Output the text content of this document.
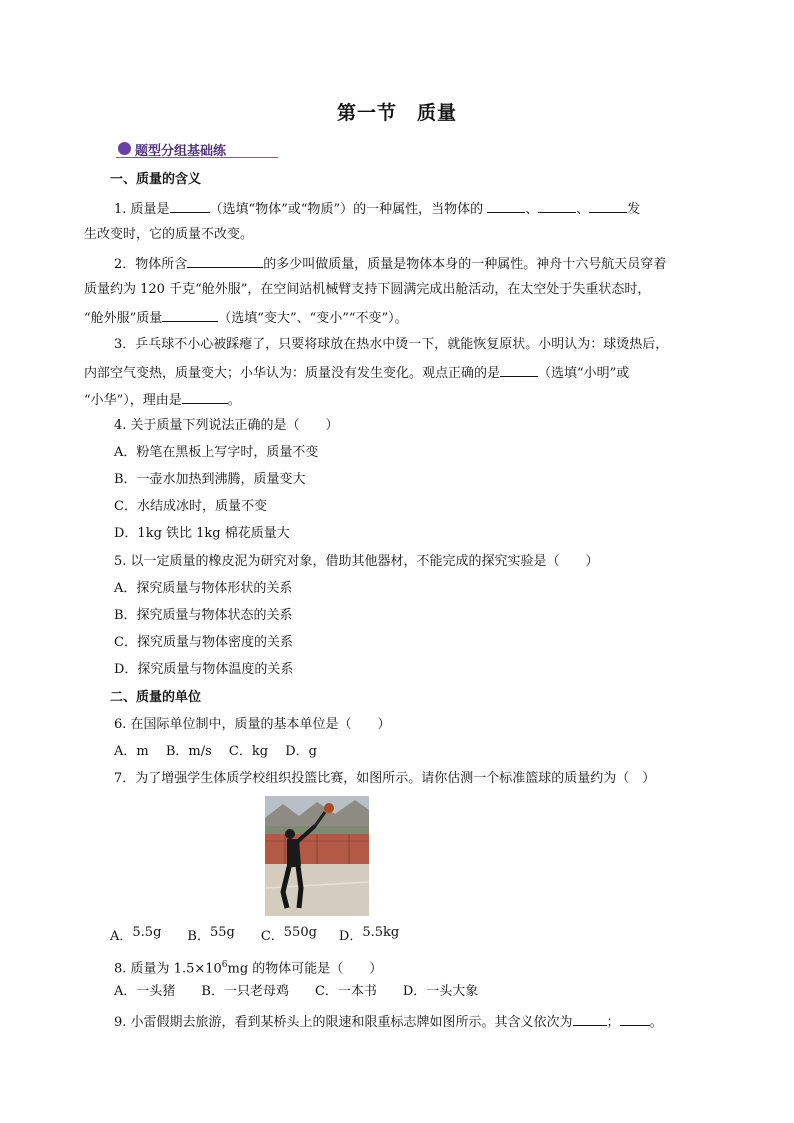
第一节　质量
题型分组基础练
一、质量的含义
1. 质量是	（选填“物体”或“物质”）的一种属性，当物体的	、	、	发
生改变时，它的质量不改变。
2．物体所含	的多少叫做质量，质量是物体本身的一种属性。神舟十六号航天员穿着
质量约为 120 千克“舱外服”，在空间站机械臂支持下圆满完成出舱活动，在太空处于失重状态时，
“舱外服”质量	（选填“变大”、“变小”“不变”）。
3．乒乓球不小心被踩瘪了，只要将球放在热水中烫一下，就能恢复原状。小明认为：球烫热后，
内部空气变热，质量变大；小华认为：质量没有发生变化。观点正确的是	（选填“小明”或
“小华”），理由是	。
4. 关于质量下列说法正确的是（　　）
A．粉笔在黑板上写字时，质量不变
B．一壶水加热到沸腾，质量变大
C．水结成冰时，质量不变
D．1kg 铁比 1kg 棉花质量大
5. 以一定质量的橡皮泥为研究对象，借助其他器材，不能完成的探究实验是（　　）
A．探究质量与物体形状的关系
B．探究质量与物体状态的关系
C．探究质量与物体密度的关系
D．探究质量与物体温度的关系
二、质量的单位
6. 在国际单位制中，质量的基本单位是（　　）
A．m　 B．m/s　 C．kg　 D．g
7．为了增强学生体质学校组织投篮比赛，如图所示。请你估测一个标准篮球的质量约为（　）
A．5.5g B．55g C．550g D．5.5kg
8. 质量为 $1.5\times 10^6mg$ 的物体可能是（　　）
A．一头猪　　B．一只老母鸡　　C．一本书　　D．一头大象
9. 小雷假期去旅游，看到某桥头上的限速和限重标志牌如图所示。其含义依次为	； 。
